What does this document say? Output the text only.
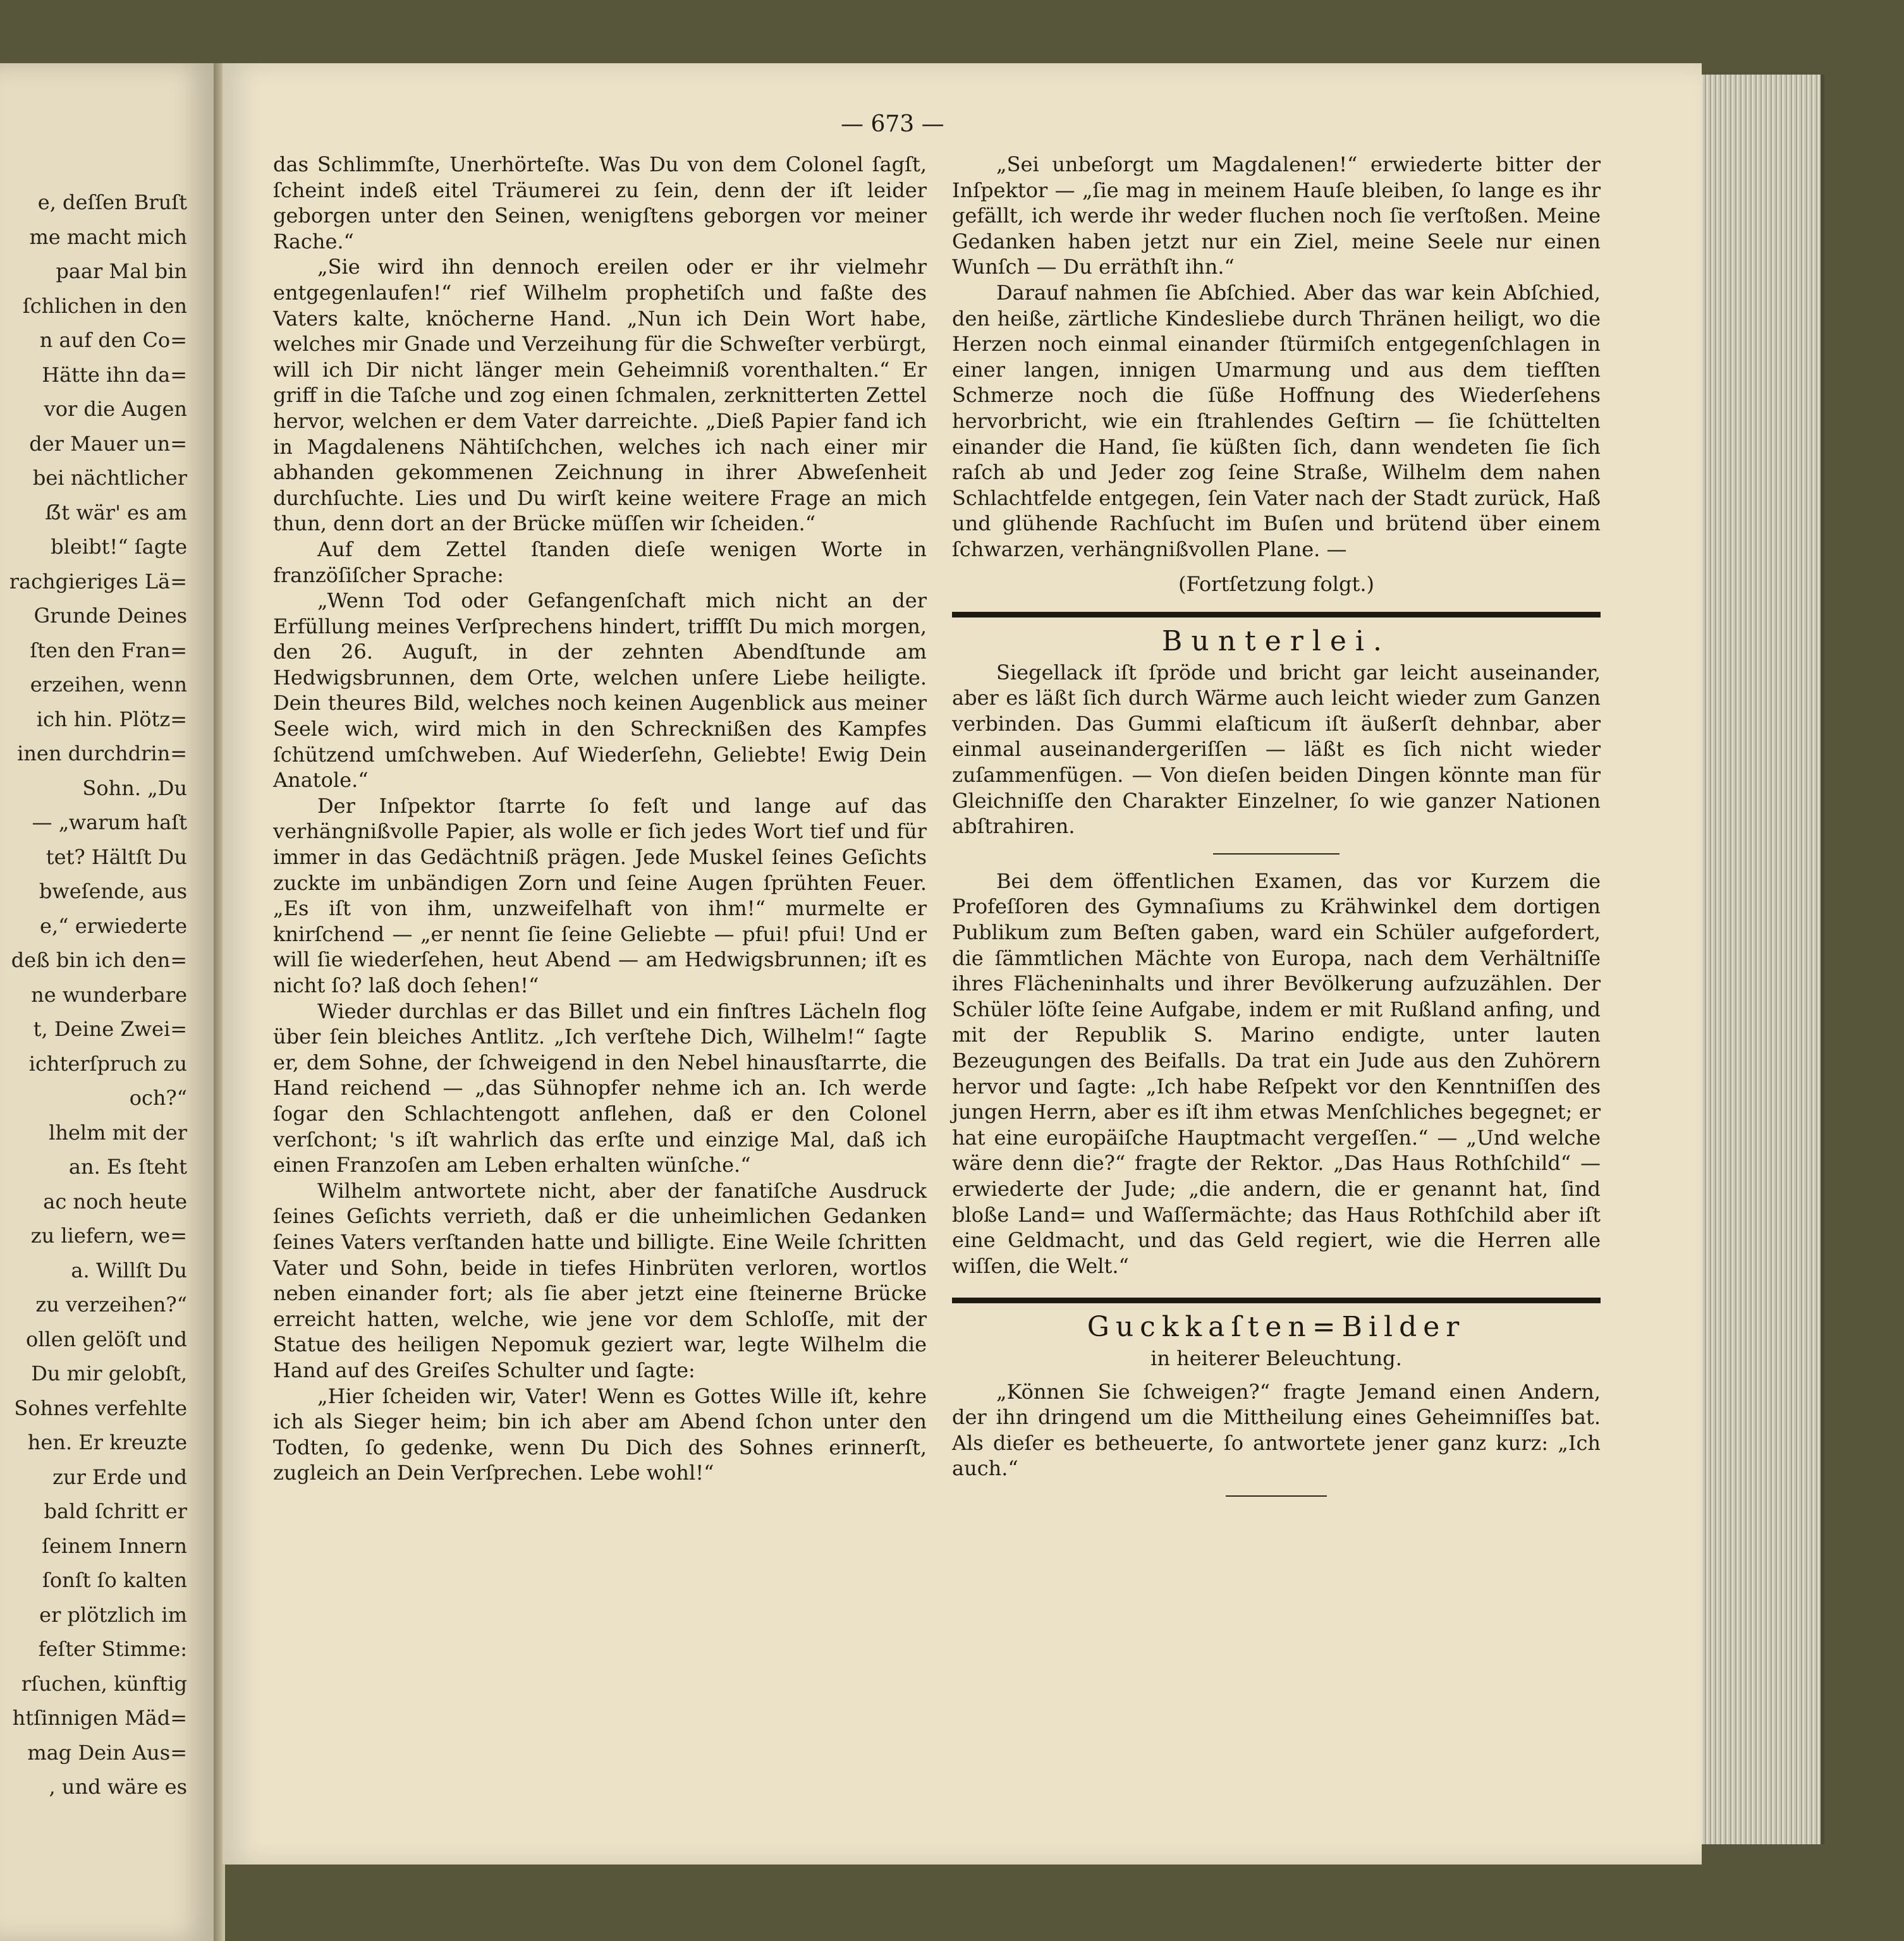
e, deſſen Bruſt
me macht mich
paar Mal bin
ſchlichen in den
n auf den Co=
Hätte ihn da=
vor die Augen
der Mauer un=
bei nächtlicher
ẞt wär' es am
bleibt!“ ſagte
rachgieriges Lä=
Grunde Deines
ſten den Fran=
erzeihen, wenn
ich hin. Plötz=
inen durchdrin=
Sohn. „Du
— „warum haſt
tet? Hältſt Du
bweſende, aus
e,“ erwiederte
deß bin ich den=
ne wunderbare
t, Deine Zwei=
ichterſpruch zu
och?“
lhelm mit der
an. Es ſteht
ac noch heute
zu liefern, we=
a. Willſt Du
zu verzeihen?“
ollen gelöſt und
Du mir gelobſt,
Sohnes verfehlte
hen. Er kreuzte
zur Erde und
bald ſchritt er
ſeinem Innern
ſonſt ſo kalten
er plötzlich im
feſter Stimme:
rſuchen, künftig
htſinnigen Mäd=
mag Dein Aus=
, und wäre es
— 673 —

das Schlimmſte, Unerhörteſte. Was Du von dem Colonel ſagſt, ſcheint indeß eitel Träumerei zu ſein, denn der iſt leider geborgen unter den Seinen, wenigſtens geborgen vor meiner Rache.“

„Sie wird ihn dennoch ereilen oder er ihr vielmehr entgegenlaufen!“ rief Wilhelm prophetiſch und faßte des Vaters kalte, knöcherne Hand. „Nun ich Dein Wort habe, welches mir Gnade und Verzeihung für die Schweſter verbürgt, will ich Dir nicht länger mein Geheimniß vorenthalten.“ Er griff in die Taſche und zog einen ſchmalen, zerknitterten Zettel hervor, welchen er dem Vater darreichte. „Dieß Papier fand ich in Magdalenens Nähtiſchchen, welches ich nach einer mir abhanden gekommenen Zeichnung in ihrer Abweſenheit durchſuchte. Lies und Du wirſt keine weitere Frage an mich thun, denn dort an der Brücke müſſen wir ſcheiden.“

Auf dem Zettel ſtanden dieſe wenigen Worte in franzöſiſcher Sprache:

„Wenn Tod oder Gefangenſchaft mich nicht an der Erfüllung meines Verſprechens hindert, triffſt Du mich morgen, den 26. Auguſt, in der zehnten Abendſtunde am Hedwigsbrunnen, dem Orte, welchen unſere Liebe heiligte. Dein theures Bild, welches noch keinen Augenblick aus meiner Seele wich, wird mich in den Schrecknißen des Kampfes ſchützend umſchweben. Auf Wiederſehn, Geliebte! Ewig Dein Anatole.“

Der Inſpektor ſtarrte ſo feſt und lange auf das verhängnißvolle Papier, als wolle er ſich jedes Wort tief und für immer in das Gedächtniß prägen. Jede Muskel ſeines Geſichts zuckte im unbändigen Zorn und ſeine Augen ſprühten Feuer. „Es iſt von ihm, unzweifelhaft von ihm!“ murmelte er knirſchend — „er nennt ſie ſeine Geliebte — pfui! pfui! Und er will ſie wiederſehen, heut Abend — am Hedwigsbrunnen; iſt es nicht ſo? laß doch ſehen!“

Wieder durchlas er das Billet und ein finſtres Lächeln flog über ſein bleiches Antlitz. „Ich verſtehe Dich, Wilhelm!“ ſagte er, dem Sohne, der ſchweigend in den Nebel hinausſtarrte, die Hand reichend — „das Sühnopfer nehme ich an. Ich werde ſogar den Schlachtengott anflehen, daß er den Colonel verſchont; 's iſt wahrlich das erſte und einzige Mal, daß ich einen Franzoſen am Leben erhalten wünſche.“

Wilhelm antwortete nicht, aber der fanatiſche Ausdruck ſeines Geſichts verrieth, daß er die unheimlichen Gedanken ſeines Vaters verſtanden hatte und billigte. Eine Weile ſchritten Vater und Sohn, beide in tiefes Hinbrüten verloren, wortlos neben einander fort; als ſie aber jetzt eine ſteinerne Brücke erreicht hatten, welche, wie jene vor dem Schloſſe, mit der Statue des heiligen Nepomuk geziert war, legte Wilhelm die Hand auf des Greiſes Schulter und ſagte:

„Hier ſcheiden wir, Vater! Wenn es Gottes Wille iſt, kehre ich als Sieger heim; bin ich aber am Abend ſchon unter den Todten, ſo gedenke, wenn Du Dich des Sohnes erinnerſt, zugleich an Dein Verſprechen. Lebe wohl!“

„Sei unbeſorgt um Magdalenen!“ erwiederte bitter der Inſpektor — „ſie mag in meinem Hauſe bleiben, ſo lange es ihr gefällt, ich werde ihr weder fluchen noch ſie verſtoßen. Meine Gedanken haben jetzt nur ein Ziel, meine Seele nur einen Wunſch — Du erräthſt ihn.“

Darauf nahmen ſie Abſchied. Aber das war kein Abſchied, den heiße, zärtliche Kindesliebe durch Thränen heiligt, wo die Herzen noch einmal einander ſtürmiſch entgegenſchlagen in einer langen, innigen Umarmung und aus dem tiefſten Schmerze noch die ſüße Hoffnung des Wiederſehens hervorbricht, wie ein ſtrahlendes Geſtirn — ſie ſchüttelten einander die Hand, ſie küßten ſich, dann wendeten ſie ſich raſch ab und Jeder zog ſeine Straße, Wilhelm dem nahen Schlachtfelde entgegen, ſein Vater nach der Stadt zurück, Haß und glühende Rachſucht im Buſen und brütend über einem ſchwarzen, verhängnißvollen Plane. —

(Fortſetzung folgt.)

Bunterlei.

Siegellack iſt ſpröde und bricht gar leicht auseinander, aber es läßt ſich durch Wärme auch leicht wieder zum Ganzen verbinden. Das Gummi elaſticum iſt äußerſt dehnbar, aber einmal auseinandergeriſſen — läßt es ſich nicht wieder zuſammenfügen. — Von dieſen beiden Dingen könnte man für Gleichniſſe den Charakter Einzelner, ſo wie ganzer Nationen abſtrahiren.

Bei dem öffentlichen Examen, das vor Kurzem die Profeſſoren des Gymnaſiums zu Krähwinkel dem dortigen Publikum zum Beſten gaben, ward ein Schüler aufgefordert, die ſämmtlichen Mächte von Europa, nach dem Verhältniſſe ihres Flächeninhalts und ihrer Bevölkerung aufzuzählen. Der Schüler löſte ſeine Aufgabe, indem er mit Rußland anfing, und mit der Republik S. Marino endigte, unter lauten Bezeugungen des Beifalls. Da trat ein Jude aus den Zuhörern hervor und ſagte: „Ich habe Reſpekt vor den Kenntniſſen des jungen Herrn, aber es iſt ihm etwas Menſchliches begegnet; er hat eine europäiſche Hauptmacht vergeſſen.“ — „Und welche wäre denn die?“ fragte der Rektor. „Das Haus Rothſchild“ — erwiederte der Jude; „die andern, die er genannt hat, ſind bloße Land= und Waſſermächte; das Haus Rothſchild aber iſt eine Geldmacht, und das Geld regiert, wie die Herren alle wiſſen, die Welt.“

Guckkaſten=Bilder
in heiterer Beleuchtung.

„Können Sie ſchweigen?“ fragte Jemand einen Andern, der ihn dringend um die Mittheilung eines Geheimniſſes bat. Als dieſer es betheuerte, ſo antwortete jener ganz kurz: „Ich auch.“
